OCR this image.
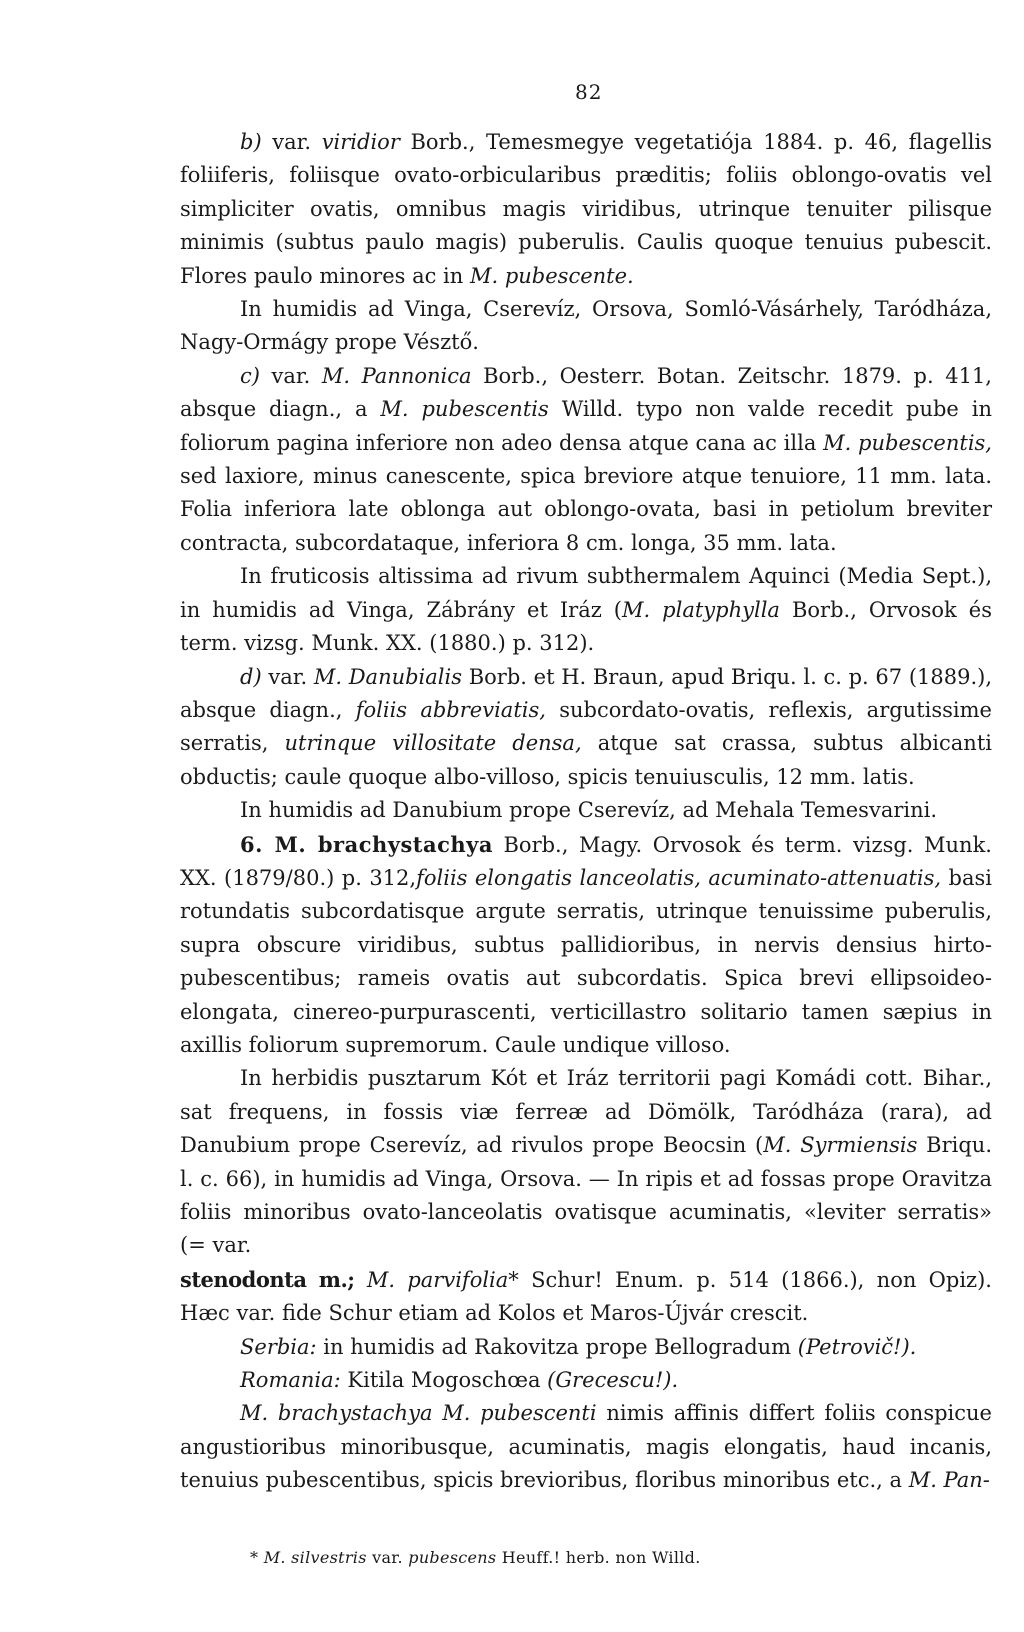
82

b) var. viridior Borb., Temesmegye vegetatiója 1884. p. 46, flagellis foliiferis, foliisque ovato-orbicularibus præditis; foliis oblongo-ovatis vel simpliciter ovatis, omnibus magis viridibus, utrinque tenuiter pilisque minimis (subtus paulo magis) puberulis. Caulis quoque tenuius pubescit. Flores paulo minores ac in M. pubescente.

In humidis ad Vinga, Cserevíz, Orsova, Somló-Vásárhely, Taródháza, Nagy-Ormágy prope Vésztő.

c) var. M. Pannonica Borb., Oesterr. Botan. Zeitschr. 1879. p. 411, absque diagn., a M. pubescentis Willd. typo non valde recedit pube in foliorum pagina inferiore non adeo densa atque cana ac illa M. pubescentis, sed laxiore, minus canescente, spica breviore atque tenuiore, 11 mm. lata. Folia inferiora late oblonga aut oblongo-ovata, basi in petiolum breviter contracta, subcordataque, inferiora 8 cm. longa, 35 mm. lata.

In fruticosis altissima ad rivum subthermalem Aquinci (Media Sept.), in humidis ad Vinga, Zábrány et Iráz (M. platyphylla Borb., Orvosok és term. vizsg. Munk. XX. (1880.) p. 312).

d) var. M. Danubialis Borb. et H. Braun, apud Briqu. l. c. p. 67 (1889.), absque diagn., foliis abbreviatis, subcordato-ovatis, reflexis, argutissime serratis, utrinque villositate densa, atque sat crassa, subtus albicanti obductis; caule quoque albo-villoso, spicis tenuiusculis, 12 mm. latis.

In humidis ad Danubium prope Cserevíz, ad Mehala Temesvarini.

6. M. brachystachya Borb., Magy. Orvosok és term. vizsg. Munk. XX. (1879/80.) p. 312,foliis elongatis lanceolatis, acuminato-attenuatis, basi rotundatis subcordatisque argute serratis, utrinque tenuissime puberulis, supra obscure viridibus, subtus pallidioribus, in nervis densius hirto-pubescentibus; rameis ovatis aut subcordatis. Spica brevi ellipsoideo-elongata, cinereo-purpurascenti, verticillastro solitario tamen sæpius in axillis foliorum supremorum. Caule undique villoso.

In herbidis pusztarum Kót et Iráz territorii pagi Komádi cott. Bihar., sat frequens, in fossis viæ ferreæ ad Dömölk, Taródháza (rara), ad Danubium prope Cserevíz, ad rivulos prope Beocsin (M. Syrmiensis Briqu. l. c. 66), in humidis ad Vinga, Orsova. — In ripis et ad fossas prope Oravitza foliis minoribus ovato-lanceolatis ovatisque acuminatis, «leviter serratis» (= var.
stenodonta m.; M. parvifolia* Schur! Enum. p. 514 (1866.), non Opiz). Hæc var. fide Schur etiam ad Kolos et Maros-Újvár crescit.

Serbia: in humidis ad Rakovitza prope Bellogradum (Petrovič!).

Romania: Kitila Mogoschœa (Grecescu!).

M. brachystachya M. pubescenti nimis affinis differt foliis conspicue angustioribus minoribusque, acuminatis, magis elongatis, haud incanis, tenuius pubescentibus, spicis brevioribus, floribus minoribus etc., a M. Pan-

* M. silvestris var. pubescens Heuff.! herb. non Willd.
